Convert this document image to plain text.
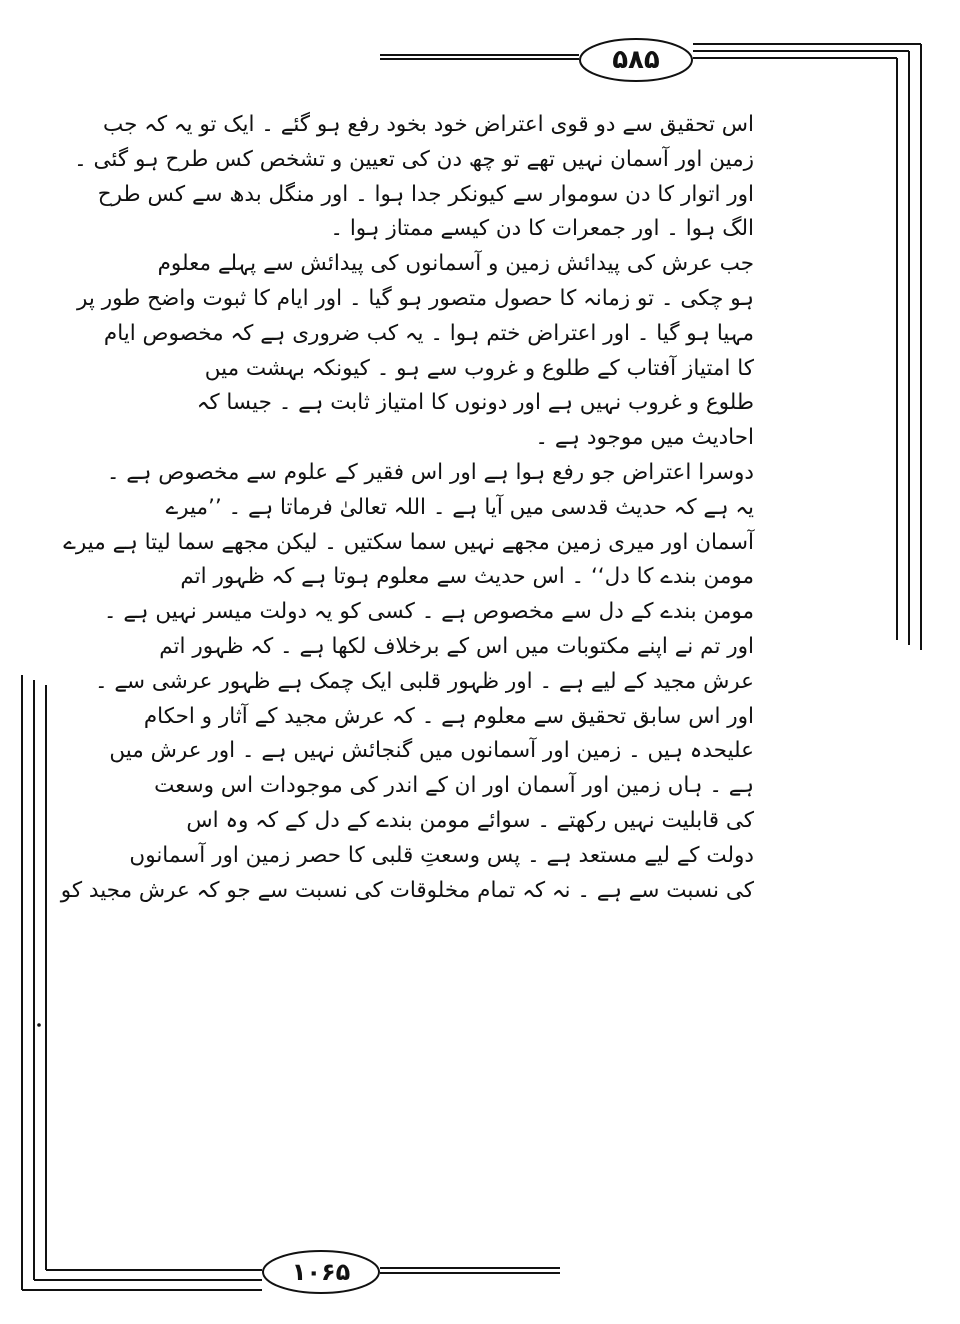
۵۸۵
۱۰۶۵
اس تحقیق سے دو قوی اعتراض خود بخود رفع ہو گئے ۔ ایک تو یہ کہ جب
زمین اور آسمان نہیں تھے تو چھ دن کی تعیین و تشخص کس طرح ہو گئی ۔
اور اتوار کا دن سوموار سے کیونکر جدا ہوا ۔ اور منگل بدھ سے کس طرح
الگ ہوا ۔ اور جمعرات کا دن کیسے ممتاز ہوا ۔
جب عرش کی پیدائش زمین و آسمانوں کی پیدائش سے پہلے معلوم
ہو چکی ۔ تو زمانہ کا حصول متصور ہو گیا ۔ اور ایام کا ثبوت واضح طور پر
مہیا ہو گیا ۔ اور اعتراض ختم ہوا ۔ یہ کب ضروری ہے کہ مخصوص ایام
کا امتیاز آفتاب کے طلوع و غروب سے ہو ۔ کیونکہ بہشت میں
طلوع و غروب نہیں ہے اور دونوں کا امتیاز ثابت ہے ۔ جیسا کہ
احادیث میں موجود ہے ۔
دوسرا اعتراض جو رفع ہوا ہے اور اس فقیر کے علوم سے مخصوص ہے ۔
یہ ہے کہ حدیث قدسی میں آیا ہے ۔ اللہ تعالیٰ فرماتا ہے ۔ ’’میرے
آسمان اور میری زمین مجھے نہیں سما سکتیں ۔ لیکن مجھے سما لیتا ہے میرے
مومن بندے کا دل‘‘ ۔ اس حدیث سے معلوم ہوتا ہے کہ ظہور اتم
مومن بندے کے دل سے مخصوص ہے ۔ کسی کو یہ دولت میسر نہیں ہے ۔
اور تم نے اپنے مکتوبات میں اس کے برخلاف لکھا ہے ۔ کہ ظہور اتم
عرش مجید کے لیے ہے ۔ اور ظہور قلبی ایک چمک ہے ظہور عرشی سے ۔
اور اس سابق تحقیق سے معلوم ہے ۔ کہ عرش مجید کے آثار و احکام
علیحدہ ہیں ۔ زمین اور آسمانوں میں گنجائش نہیں ہے ۔ اور عرش میں
ہے ۔ ہاں زمین اور آسمان اور ان کے اندر کی موجودات اس وسعت
کی قابلیت نہیں رکھتے ۔ سوائے مومن بندے کے دل کے کہ وہ اس
دولت کے لیے مستعد ہے ۔ پس وسعتِ قلبی کا حصر زمین اور آسمانوں
کی نسبت سے ہے ۔ نہ کہ تمام مخلوقات کی نسبت سے جو کہ عرش مجید کو
